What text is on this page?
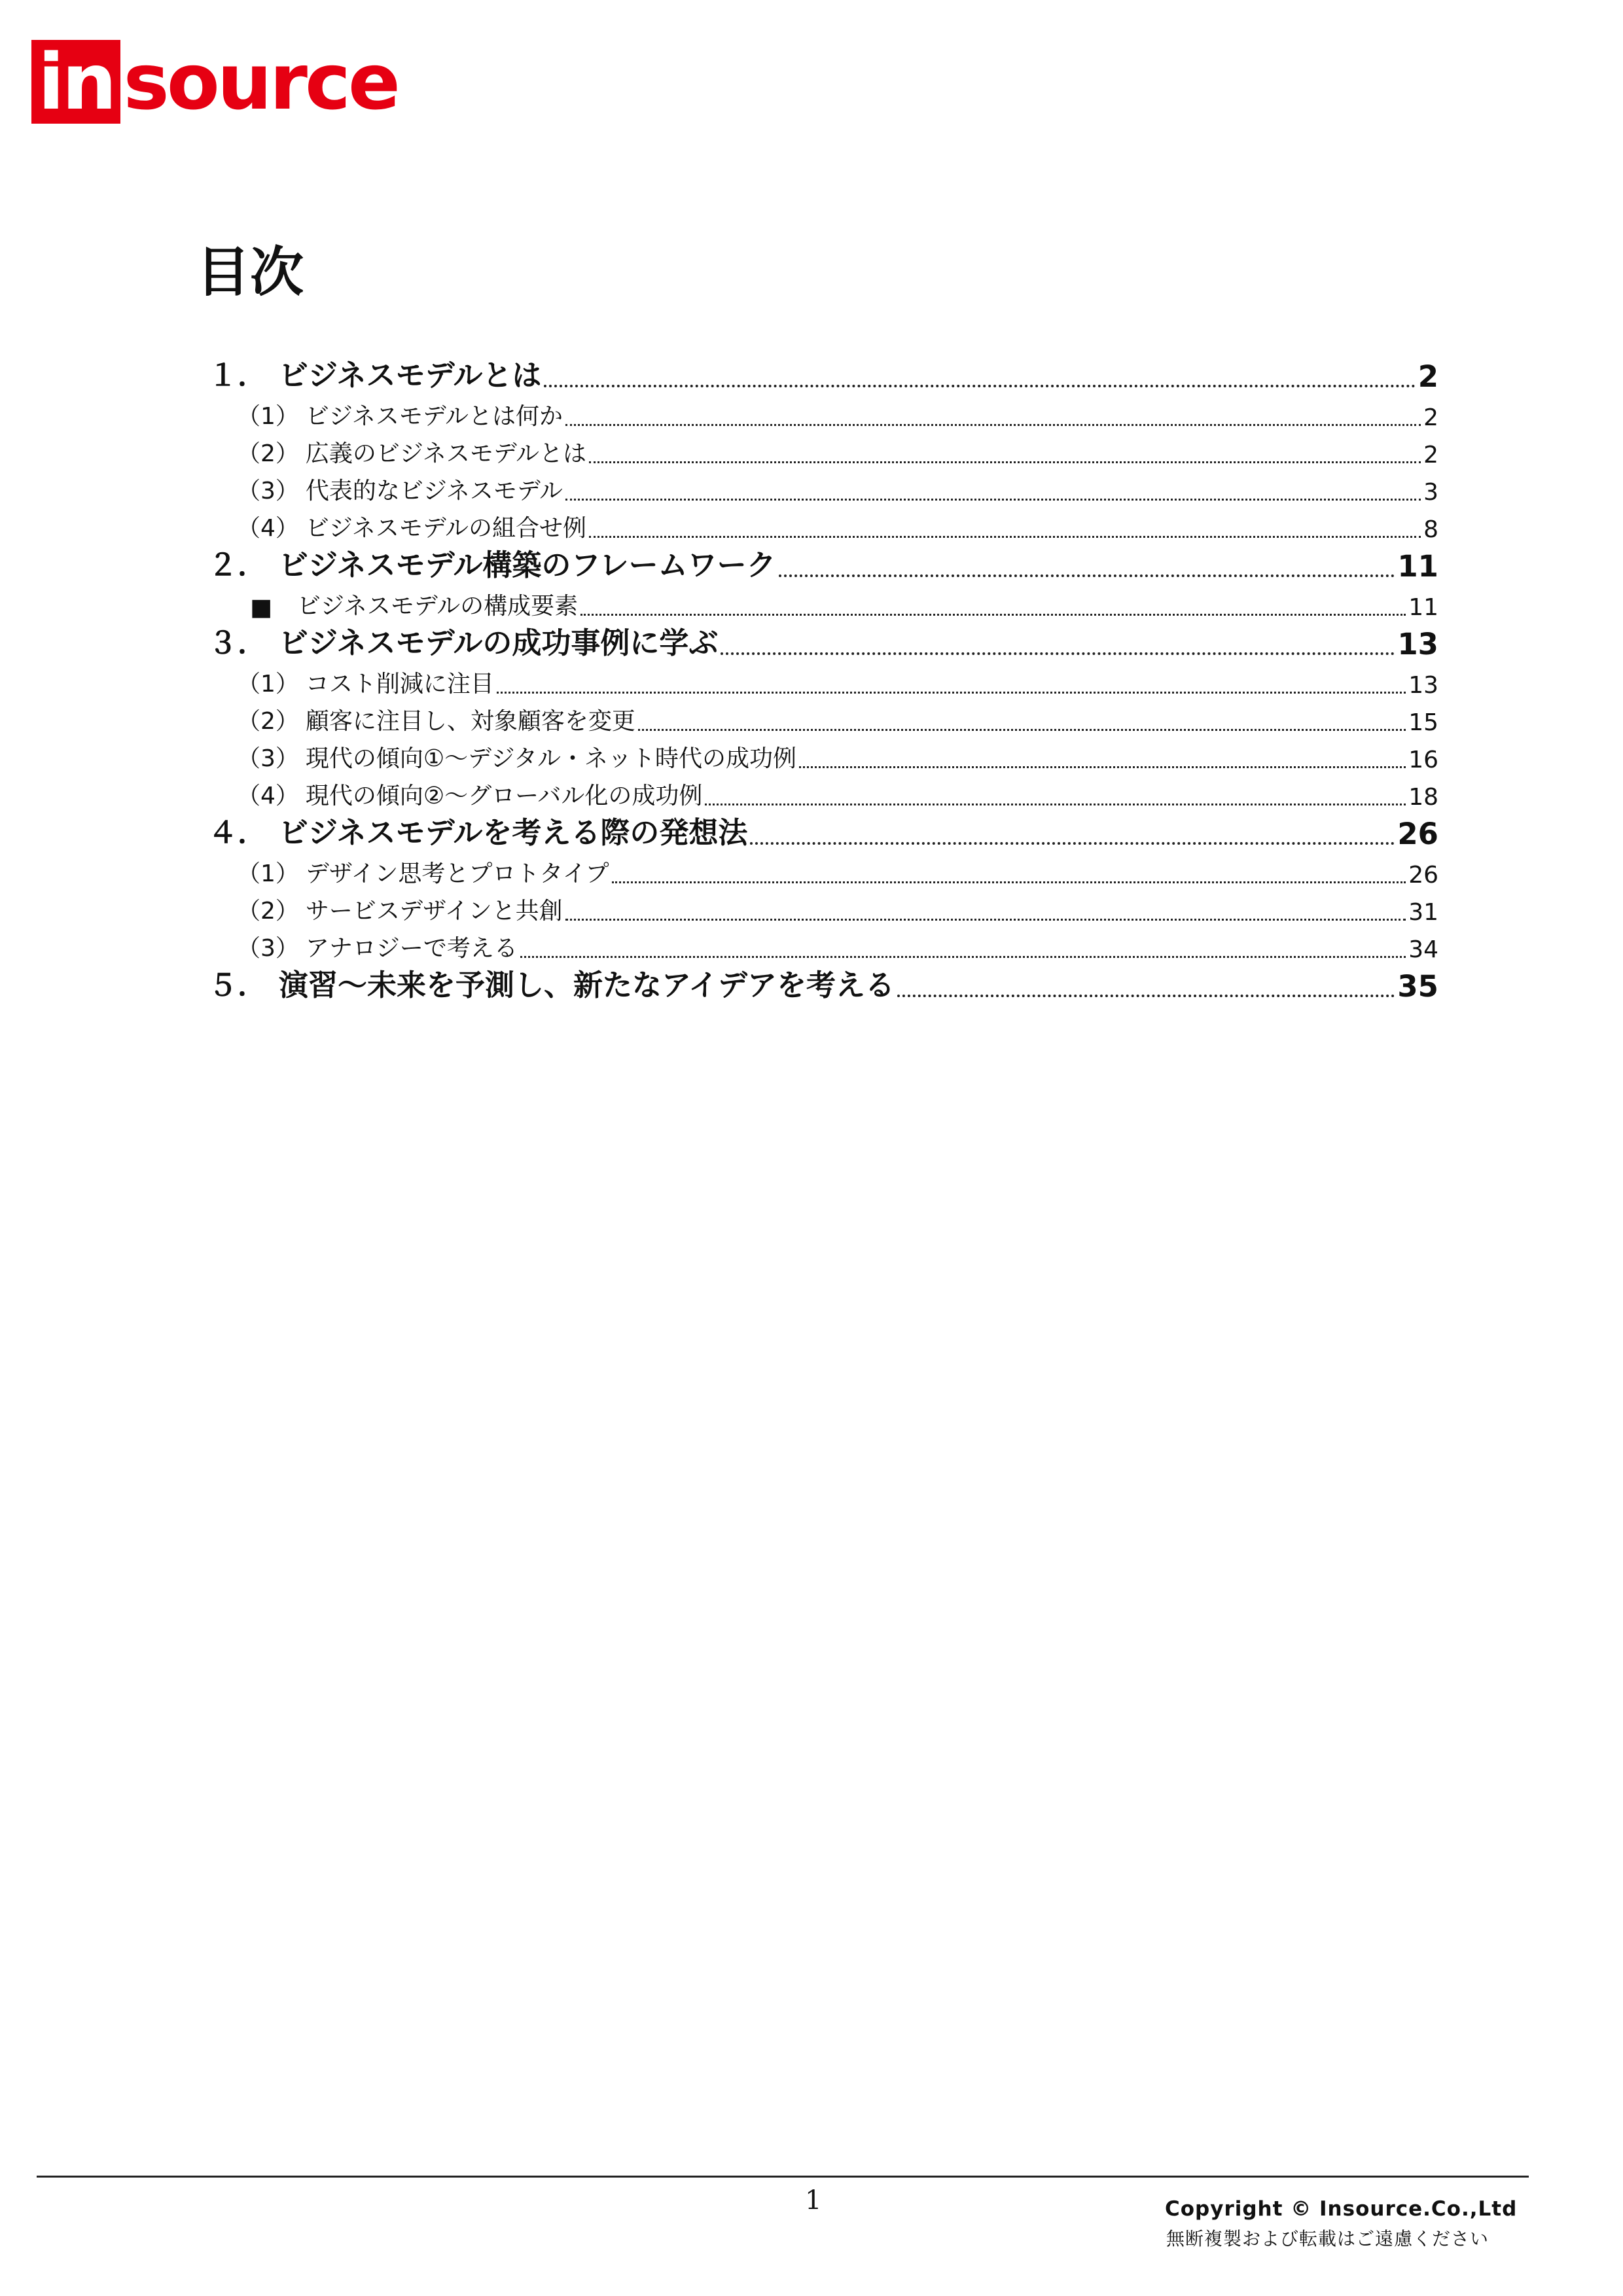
in source
目次
１． ビジネスモデルとは	2
（1） ビジネスモデルとは何か	2
（2） 広義のビジネスモデルとは	2
（3） 代表的なビジネスモデル	3
（4） ビジネスモデルの組合せ例	8
２． ビジネスモデル構築のフレームワーク	11
■	ビジネスモデルの構成要素	11
３． ビジネスモデルの成功事例に学ぶ	13
（1） コスト削減に注目	13
（2） 顧客に注目し、対象顧客を変更	15
（3） 現代の傾向①～デジタル・ネット時代の成功例	16
（4） 現代の傾向②～グローバル化の成功例	18
４． ビジネスモデルを考える際の発想法	26
（1） デザイン思考とプロトタイプ	26
（2） サービスデザインと共創	31
（3） アナロジーで考える	34
５． 演習～未来を予測し、新たなアイデアを考える	35
1	Copyright © Insource.Co.,Ltd
無断複製および転載はご遠慮ください
